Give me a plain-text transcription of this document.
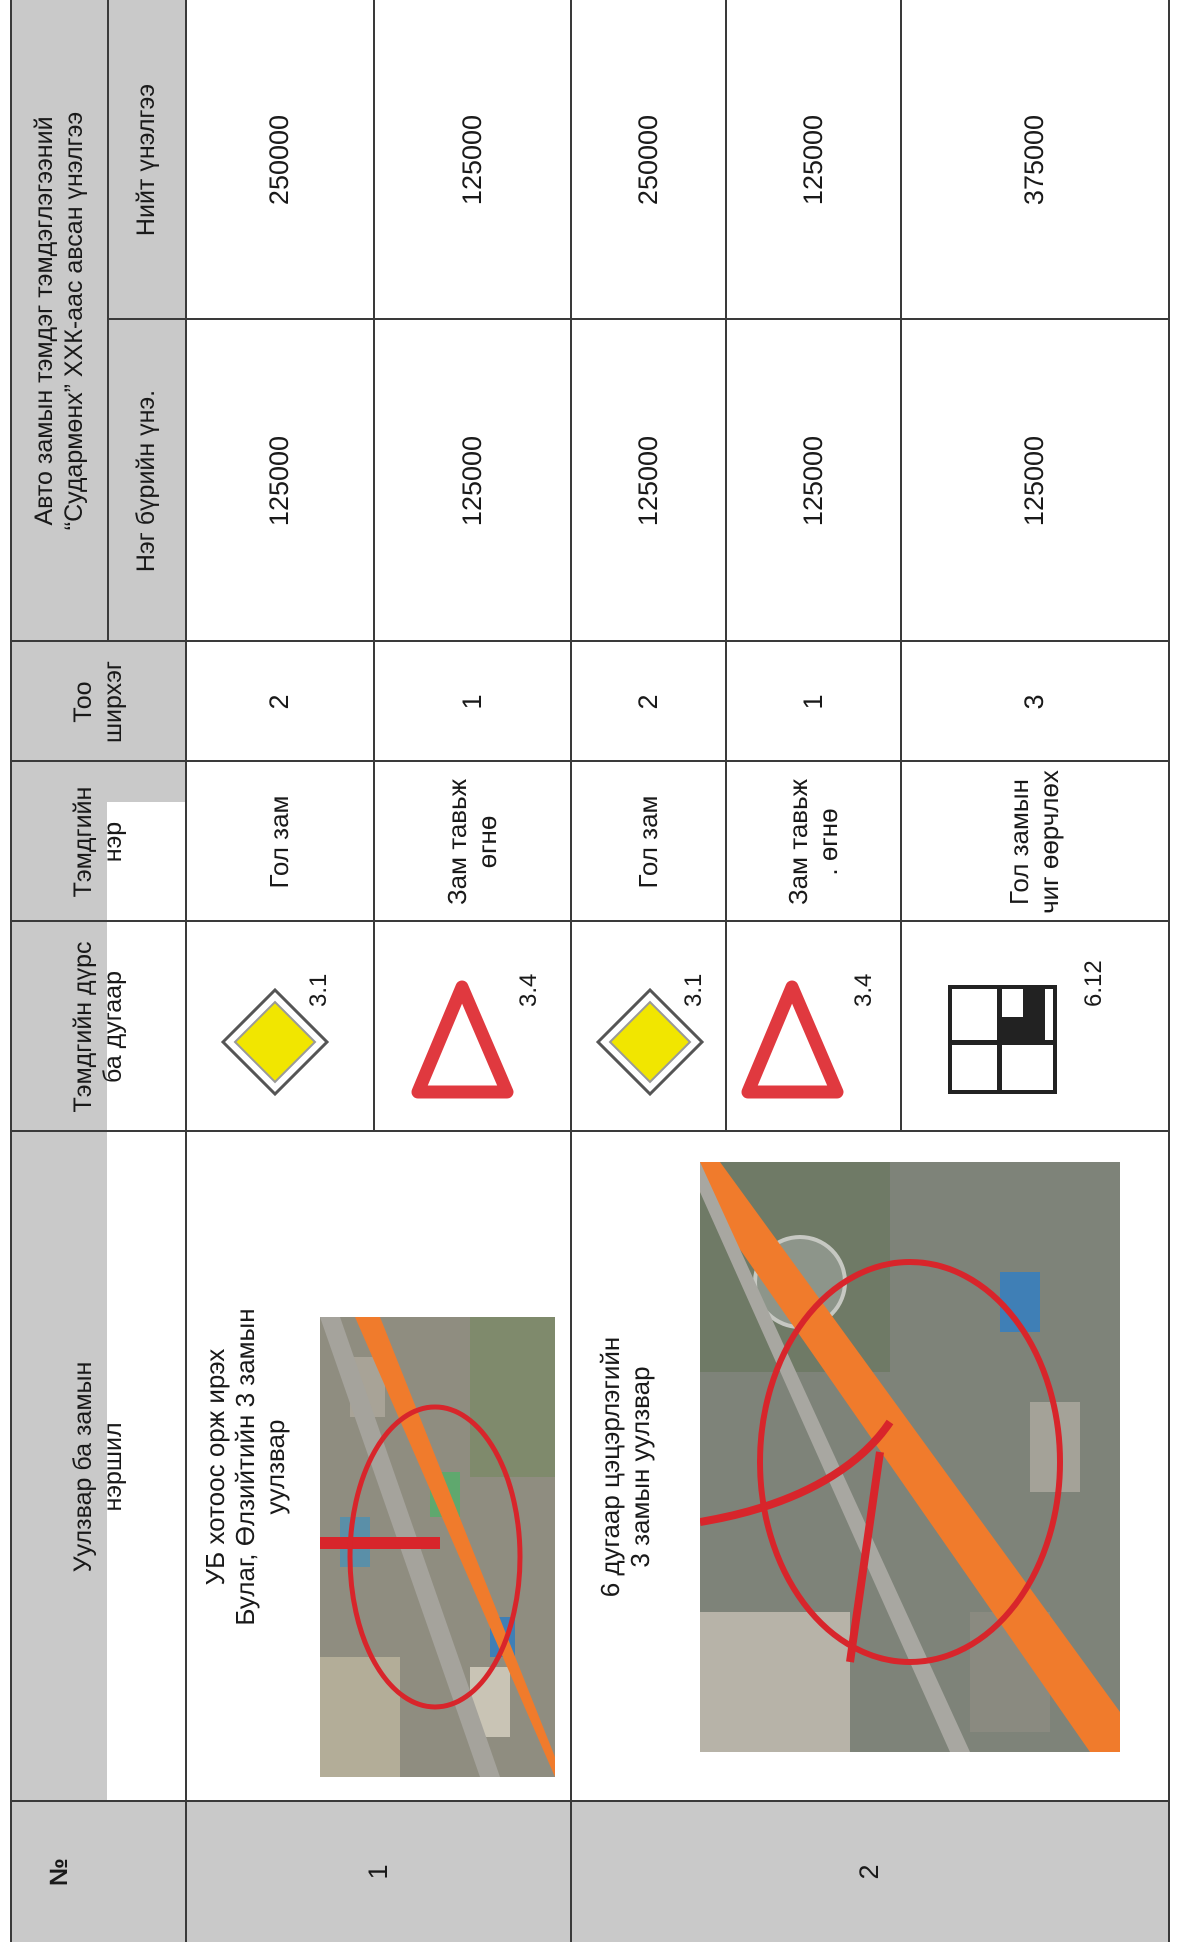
№
Уулзвар ба замын
нэршил
Тэмдгийн дүрс
ба дугаар
Тэмдгийн
нэр
Тоо
ширхэг
Авто замын тэмдэг тэмдэглэгээний
“Судармөнх” ХХК-аас авсан үнэлгээ
Нэг бүрийн үнэ.
Нийт үнэлгээ
1
УБ хотоос орж ирэх
Булаг, Өлзийтийн 3 замын
уулзвар
3.1
Гол зам
2
125000
250000
3.4
Зам тавьж
өгнө
1
125000
125000
2
6 дугаар цэцэрлэгийн
3 замын уулзвар
3.1
Гол зам
2
125000
250000
3.4
Зам тавьж
. өгнө
1
125000
125000
6.12
Гол замын
чиг өөрчлөх
3
125000
375000
